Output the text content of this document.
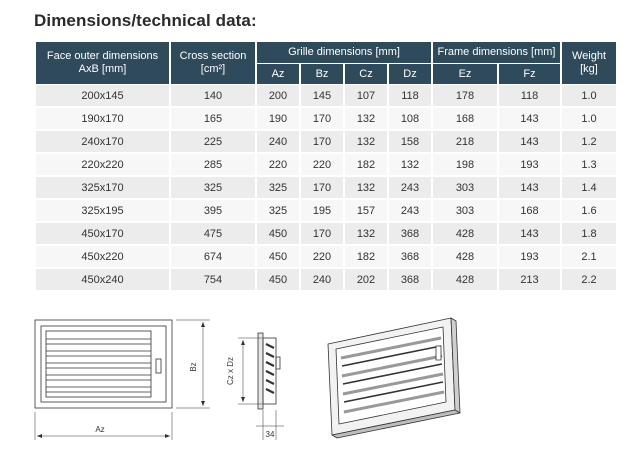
Dimensions/technical data:
Face outer dimensions AxB [mm]	Cross section [cm²]	Grille dimensions [mm]				Frame dimensions [mm]		Weight [kg]
		Az	Bz	Cz	Dz	Ez	Fz	
200x145	140	200	145	107	118	178	118	1.0
190x170	165	190	170	132	108	168	143	1.0
240x170	225	240	170	132	158	218	143	1.2
220x220	285	220	220	182	132	198	193	1.3
325x170	325	325	170	132	243	303	143	1.4
325x195	395	325	195	157	243	303	168	1.6
450x170	475	450	170	132	368	428	143	1.8
450x220	674	450	220	182	368	428	193	2.1
450x240	754	450	240	202	368	428	213	2.2
Az
Bz	Cz x Dz
34
